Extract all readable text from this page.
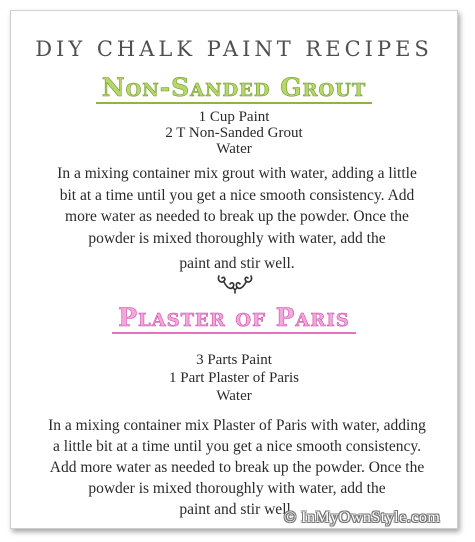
DIY CHALK PAINT RECIPES
Non-Sanded Grout
1 Cup Paint
2 T Non-Sanded Grout
Water
In a mixing container mix grout with water, adding a little
bit at a time until you get a nice smooth consistency. Add
more water as needed to break up the powder. Once the
powder is mixed thoroughly with water, add the
paint and stir well.
Plaster of Paris
3 Parts Paint
1 Part Plaster of Paris
Water
In a mixing container mix Plaster of Paris with water, adding
a little bit at a time until you get a nice smooth consistency.
Add more water as needed to break up the powder. Once the
powder is mixed thoroughly with water, add the
paint and stir well.
© InMyOwnStyle.com
